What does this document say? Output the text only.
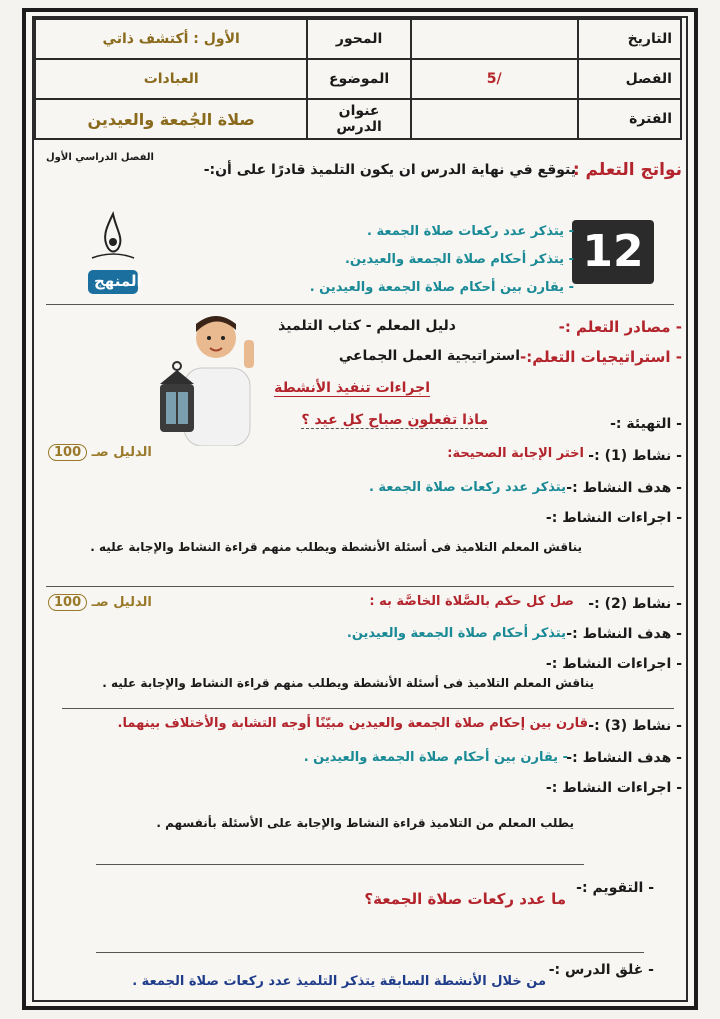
التاريخ		المحور	الأول : أكتشف ذاتي
الفصل	/5	الموضوع	العبادات
الفترة		عنوان الدرس	صلاة الجُمعة والعيدين
نواتج التعلم :
يتوقع في نهاية الدرس ان يكون التلميذ قادرًا على أن:-
الفصل الدراسي الأول
12
- يتذكر عدد ركعات صلاة الجمعة .
- يتذكر أحكام صلاة الجمعة والعيدين.
- يقارن بين أحكام صلاة الجمعة والعيدين .
المنهج
- مصادر التعلم :-
دليل المعلم - كتاب التلميذ
- استراتيجيات التعلم:-
استراتيجية العمل الجماعي
اجراءات تنفيذ الأنشطة
- التهيئة :-
ماذا تفعلون صباح كل عيد ؟
- نشاط (1) :-
اختر الإجابة الصحيحة:
الدليل صـ 100
- هدف النشاط :-
يتذكر عدد ركعات صلاة الجمعة .
- اجراءات النشاط :-
يناقش المعلم التلاميذ فى أسئلة الأنشطة ويطلب منهم قراءة النشاط والإجابة عليه .
- نشاط (2) :-
صل كل حكم بالصَّلاة الخاصَّة به :
الدليل صـ 100
- هدف النشاط :-
يتذكر أحكام صلاة الجمعة والعيدين.
- اجراءات النشاط :-
يناقش المعلم التلاميذ فى أسئلة الأنشطة ويطلب منهم قراءة النشاط والإجابة عليه .
- نشاط (3) :-
قارن بين إحكام صلاة الجمعة والعيدين مبيّنًا أوجه التشابة والأختلاف بينهما.
- هدف النشاط :-
- يقارن بين أحكام صلاة الجمعة والعيدين .
- اجراءات النشاط :-
يطلب المعلم من التلاميذ قراءة النشاط والإجابة على الأسئلة بأنفسهم .
- التقويم :-
ما عدد ركعات صلاة الجمعة؟
- غلق الدرس :-
من خلال الأنشطة السابقة يتذكر التلميذ عدد ركعات صلاة الجمعة .
